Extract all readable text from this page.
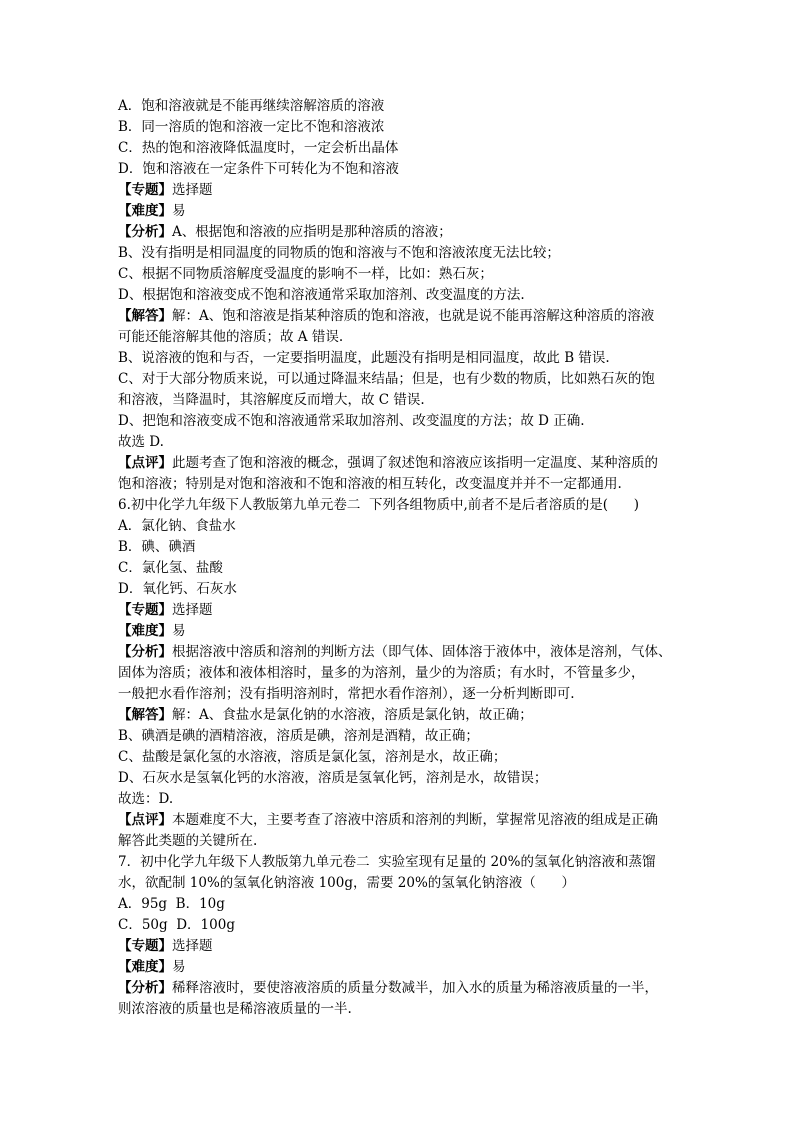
A．饱和溶液就是不能再继续溶解溶质的溶液
B．同一溶质的饱和溶液一定比不饱和溶液浓
C．热的饱和溶液降低温度时，一定会析出晶体
D．饱和溶液在一定条件下可转化为不饱和溶液
【专题】选择题
【难度】易
【分析】A、根据饱和溶液的应指明是那种溶质的溶液；
B、没有指明是相同温度的同物质的饱和溶液与不饱和溶液浓度无法比较；
C、根据不同物质溶解度受温度的影响不一样，比如：熟石灰；
D、根据饱和溶液变成不饱和溶液通常采取加溶剂、改变温度的方法.
【解答】解：A、饱和溶液是指某种溶质的饱和溶液，也就是说不能再溶解这种溶质的溶液
可能还能溶解其他的溶质；故 A 错误.
B、说溶液的饱和与否，一定要指明温度，此题没有指明是相同温度，故此 B 错误.
C、对于大部分物质来说，可以通过降温来结晶；但是，也有少数的物质，比如熟石灰的饱
和溶液，当降温时，其溶解度反而增大，故 C 错误.
D、把饱和溶液变成不饱和溶液通常采取加溶剂、改变温度的方法；故 D 正确.
故选 D.
【点评】此题考查了饱和溶液的概念，强调了叙述饱和溶液应该指明一定温度、某种溶质的
饱和溶液；特别是对饱和溶液和不饱和溶液的相互转化，改变温度并并不一定都通用.
6.初中化学九年级下人教版第九单元卷二  下列各组物质中,前者不是后者溶质的是(      )
A．氯化钠、食盐水
B．碘、碘酒
C．氯化氢、盐酸
D．氧化钙、石灰水
【专题】选择题
【难度】易
【分析】根据溶液中溶质和溶剂的判断方法（即气体、固体溶于液体中，液体是溶剂，气体、
固体为溶质；液体和液体相溶时，量多的为溶剂，量少的为溶质；有水时，不管量多少，
一般把水看作溶剂；没有指明溶剂时，常把水看作溶剂），逐一分析判断即可.
【解答】解：A、食盐水是氯化钠的水溶液，溶质是氯化钠，故正确；
B、碘酒是碘的酒精溶液，溶质是碘，溶剂是酒精，故正确；
C、盐酸是氯化氢的水溶液，溶质是氯化氢，溶剂是水，故正确；
D、石灰水是氢氧化钙的水溶液，溶质是氢氧化钙，溶剂是水，故错误；
故选：D.
【点评】本题难度不大，主要考查了溶液中溶质和溶剂的判断，掌握常见溶液的组成是正确
解答此类题的关键所在.
7．初中化学九年级下人教版第九单元卷二  实验室现有足量的 20%的氢氧化钠溶液和蒸馏
水，欲配制 10%的氢氧化钠溶液 100g，需要 20%的氢氧化钠溶液（      ）
A．95g  B．10g
C．50g  D．100g
【专题】选择题
【难度】易
【分析】稀释溶液时，要使溶液溶质的质量分数减半，加入水的质量为稀溶液质量的一半，
则浓溶液的质量也是稀溶液质量的一半.
